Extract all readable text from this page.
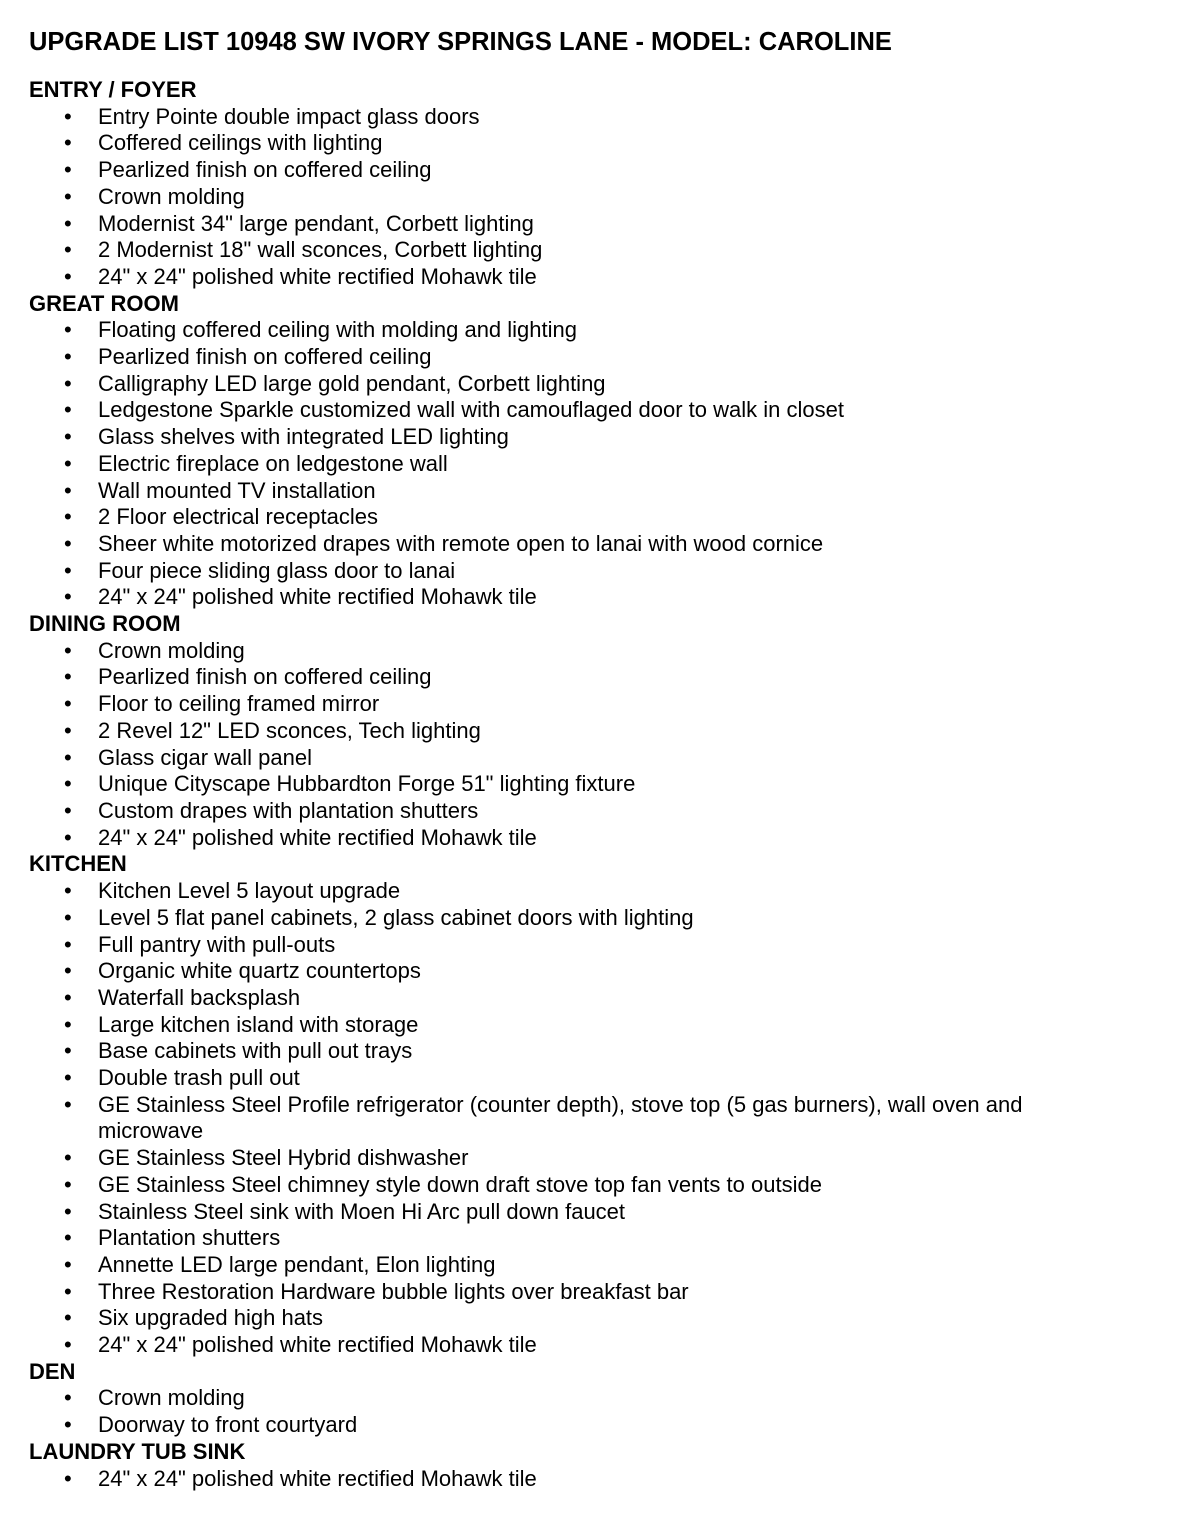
UPGRADE LIST 10948 SW IVORY SPRINGS LANE - MODEL: CAROLINE
ENTRY / FOYER
•	Entry Pointe double impact glass doors
•	Coffered ceilings with lighting
•	Pearlized finish on coffered ceiling
•	Crown molding
•	Modernist 34" large pendant, Corbett lighting
•	2 Modernist 18" wall sconces, Corbett lighting
•	24" x 24" polished white rectified Mohawk tile
GREAT ROOM
•	Floating coffered ceiling with molding and lighting
•	Pearlized finish on coffered ceiling
•	Calligraphy LED large gold pendant, Corbett lighting
•	Ledgestone Sparkle customized wall with camouflaged door to walk in closet
•	Glass shelves with integrated LED lighting
•	Electric fireplace on ledgestone wall
•	Wall mounted TV installation
•	2 Floor electrical receptacles
•	Sheer white motorized drapes with remote open to lanai with wood cornice
•	Four piece sliding glass door to lanai
•	24" x 24" polished white rectified Mohawk tile
DINING ROOM
•	Crown molding
•	Pearlized finish on coffered ceiling
•	Floor to ceiling framed mirror
•	2 Revel 12" LED sconces, Tech lighting
•	Glass cigar wall panel
•	Unique Cityscape Hubbardton Forge 51" lighting fixture
•	Custom drapes with plantation shutters
•	24" x 24" polished white rectified Mohawk tile
KITCHEN
•	Kitchen Level 5 layout upgrade
•	Level 5 flat panel cabinets, 2 glass cabinet doors with lighting
•	Full pantry with pull-outs
•	Organic white quartz countertops
•	Waterfall backsplash
•	Large kitchen island with storage
•	Base cabinets with pull out trays
•	Double trash pull out
•	GE Stainless Steel Profile refrigerator (counter depth), stove top (5 gas burners), wall oven and microwave
•	GE Stainless Steel Hybrid dishwasher
•	GE Stainless Steel chimney style down draft stove top fan vents to outside
•	Stainless Steel sink with Moen Hi Arc pull down faucet
•	Plantation shutters
•	Annette LED large pendant, Elon lighting
•	Three Restoration Hardware bubble lights over breakfast bar
•	Six upgraded high hats
•	24" x 24" polished white rectified Mohawk tile
DEN
•	Crown molding
•	Doorway to front courtyard
LAUNDRY TUB SINK
•	24" x 24" polished white rectified Mohawk tile
